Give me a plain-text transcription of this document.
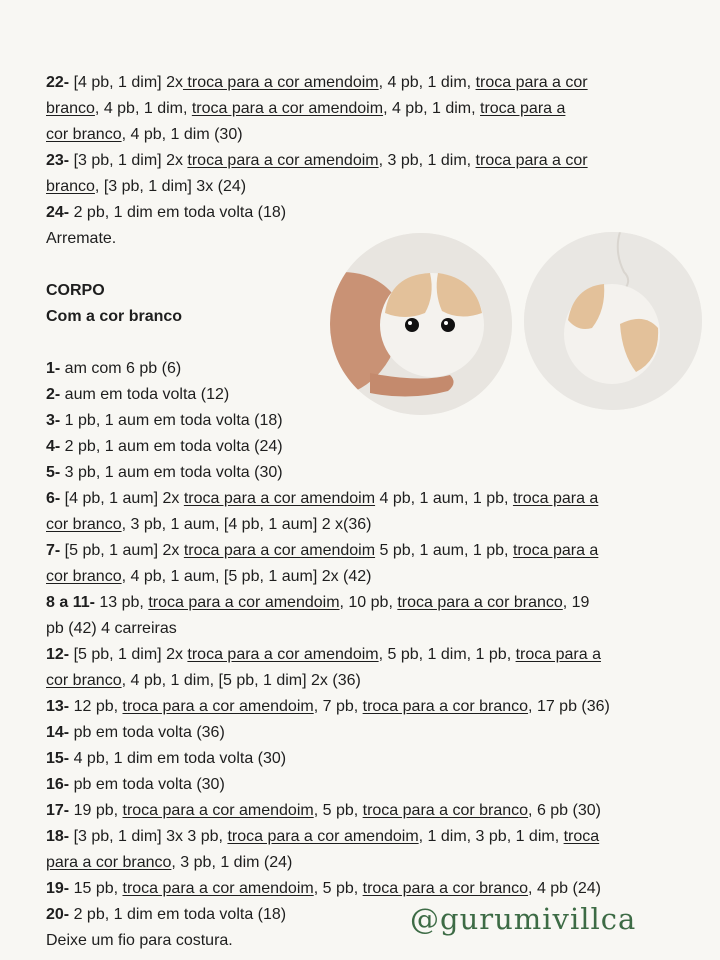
22- [4 pb, 1 dim] 2x troca para a cor amendoim, 4 pb, 1 dim, troca para a cor
branco, 4 pb, 1 dim, troca para a cor amendoim, 4 pb, 1 dim, troca para a
cor branco, 4 pb, 1 dim (30)
23- [3 pb, 1 dim] 2x troca para a cor amendoim, 3 pb, 1 dim, troca para a cor
branco, [3 pb, 1 dim] 3x (24)
24- 2 pb, 1 dim em toda volta (18)
Arremate.
CORPO
Com a cor branco
1- am com 6 pb (6)
2- aum em toda volta (12)
3- 1 pb, 1 aum em toda volta (18)
4- 2 pb, 1 aum em toda volta (24)
5- 3 pb, 1 aum em toda volta (30)
6- [4 pb, 1 aum] 2x troca para a cor amendoim 4 pb, 1 aum, 1 pb, troca para a
cor branco, 3 pb, 1 aum, [4 pb, 1 aum] 2 x(36)
7- [5 pb, 1 aum] 2x troca para a cor amendoim 5 pb, 1 aum, 1 pb, troca para a
cor branco, 4 pb, 1 aum, [5 pb, 1 aum] 2x (42)
8 a 11- 13 pb, troca para a cor amendoim, 10 pb, troca para a cor branco, 19
pb (42) 4 carreiras
12- [5 pb, 1 dim] 2x troca para a cor amendoim, 5 pb, 1 dim, 1 pb, troca para a
cor branco, 4 pb, 1 dim, [5 pb, 1 dim] 2x (36)
13- 12 pb, troca para a cor amendoim, 7 pb, troca para a cor branco, 17 pb (36)
14- pb em toda volta (36)
15- 4 pb, 1 dim em toda volta (30)
16- pb em toda volta (30)
17- 19 pb, troca para a cor amendoim, 5 pb, troca para a cor branco, 6 pb (30)
18- [3 pb, 1 dim] 3x 3 pb, troca para a cor amendoim, 1 dim, 3 pb, 1 dim, troca
para a cor branco, 3 pb, 1 dim (24)
19- 15 pb, troca para a cor amendoim, 5 pb, troca para a cor branco, 4 pb (24)
20- 2 pb, 1 dim em toda volta (18)
Deixe um fio para costura.
@gurumivillca
